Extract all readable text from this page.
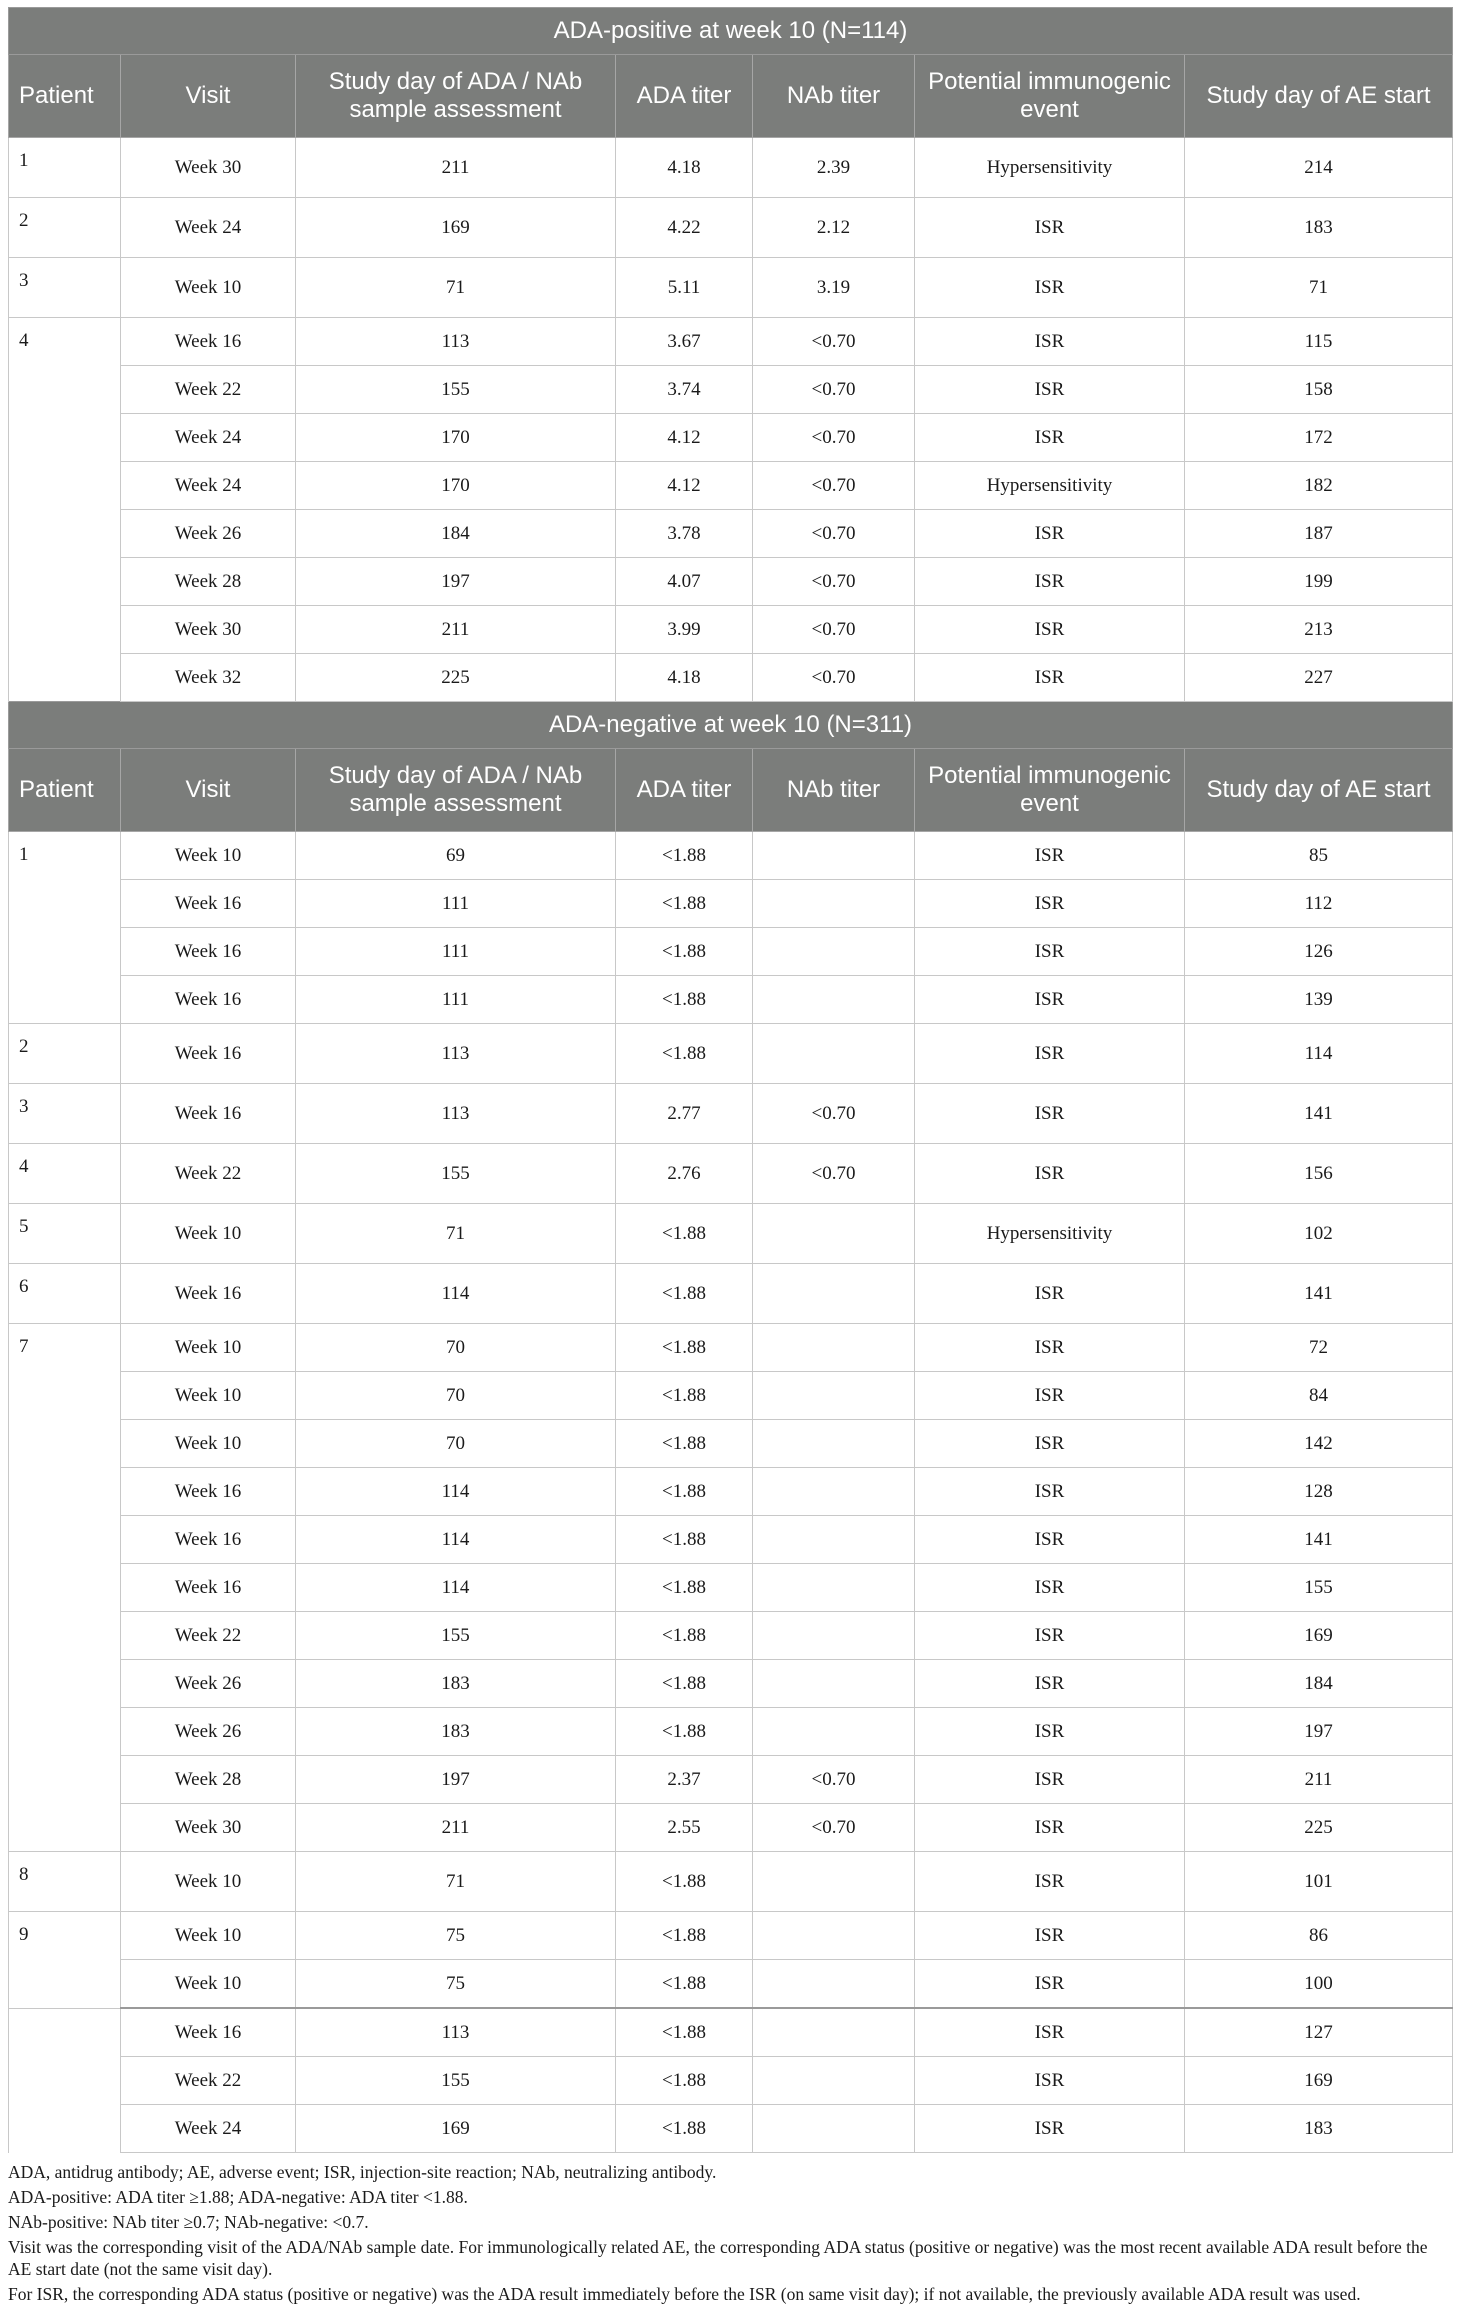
ADA-positive at week 10 (N=114)						
Patient	Visit	Study day of ADA / NAb sample assessment	ADA titer	NAb titer	Potential immunogenic event	Study day of AE start
1	Week 30	211	4.18	2.39	Hypersensitivity	214
2	Week 24	169	4.22	2.12	ISR	183
3	Week 10	71	5.11	3.19	ISR	71
4	Week 16	113	3.67	<0.70	ISR	115
	Week 22	155	3.74	<0.70	ISR	158
	Week 24	170	4.12	<0.70	ISR	172
	Week 24	170	4.12	<0.70	Hypersensitivity	182
	Week 26	184	3.78	<0.70	ISR	187
	Week 28	197	4.07	<0.70	ISR	199
	Week 30	211	3.99	<0.70	ISR	213
	Week 32	225	4.18	<0.70	ISR	227
ADA-negative at week 10 (N=311)						
Patient	Visit	Study day of ADA / NAb sample assessment	ADA titer	NAb titer	Potential immunogenic event	Study day of AE start
1	Week 10	69	<1.88		ISR	85
	Week 16	111	<1.88		ISR	112
	Week 16	111	<1.88		ISR	126
	Week 16	111	<1.88		ISR	139
2	Week 16	113	<1.88		ISR	114
3	Week 16	113	2.77	<0.70	ISR	141
4	Week 22	155	2.76	<0.70	ISR	156
5	Week 10	71	<1.88		Hypersensitivity	102
6	Week 16	114	<1.88		ISR	141
7	Week 10	70	<1.88		ISR	72
	Week 10	70	<1.88		ISR	84
	Week 10	70	<1.88		ISR	142
	Week 16	114	<1.88		ISR	128
	Week 16	114	<1.88		ISR	141
	Week 16	114	<1.88		ISR	155
	Week 22	155	<1.88		ISR	169
	Week 26	183	<1.88		ISR	184
	Week 26	183	<1.88		ISR	197
	Week 28	197	2.37	<0.70	ISR	211
	Week 30	211	2.55	<0.70	ISR	225
8	Week 10	71	<1.88		ISR	101
9	Week 10	75	<1.88		ISR	86
	Week 10	75	<1.88		ISR	100
	Week 16	113	<1.88		ISR	127
	Week 22	155	<1.88		ISR	169
	Week 24	169	<1.88		ISR	183

ADA, antidrug antibody; AE, adverse event; ISR, injection-site reaction; NAb, neutralizing antibody.

ADA-positive: ADA titer ≥1.88; ADA-negative: ADA titer <1.88.

NAb-positive: NAb titer ≥0.7; NAb-negative: <0.7.

Visit was the corresponding visit of the ADA/NAb sample date. For immunologically related AE, the corresponding ADA status (positive or negative) was the most recent available ADA result before the AE start date (not the same visit day).

For ISR, the corresponding ADA status (positive or negative) was the ADA result immediately before the ISR (on same visit day); if not available, the previously available ADA result was used.
